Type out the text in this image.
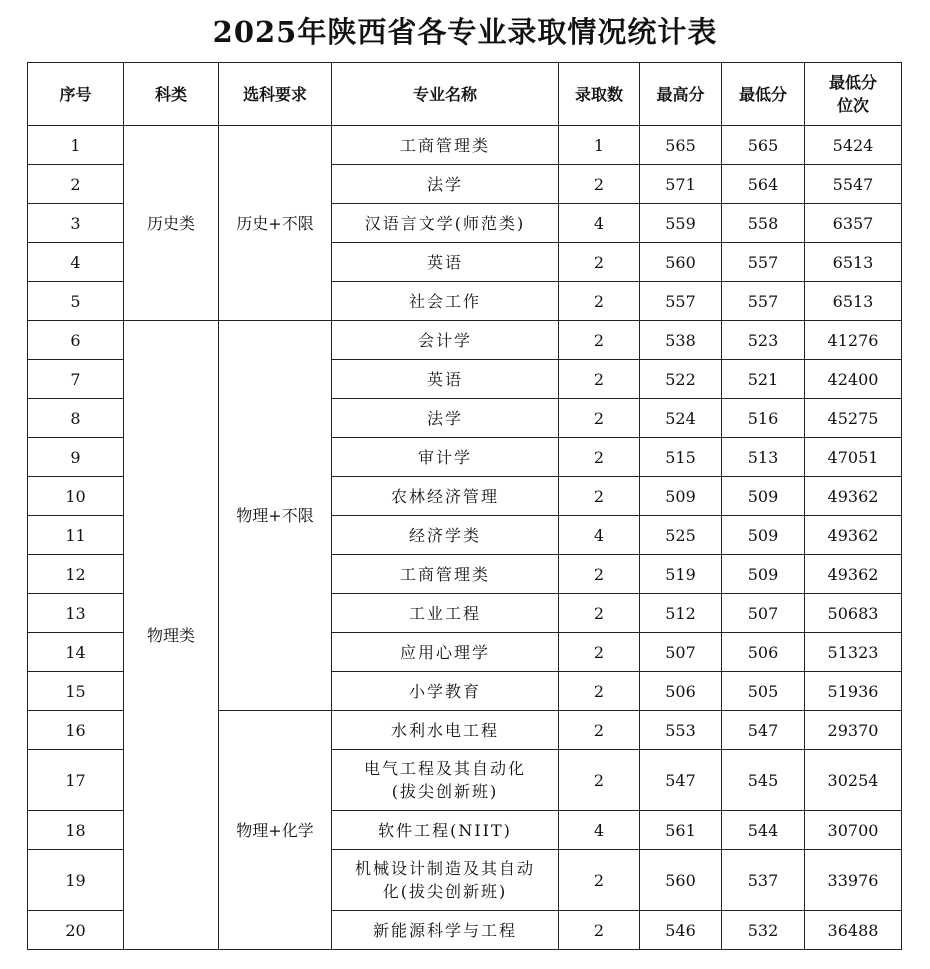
2025年陕西省各专业录取情况统计表
序号	科类	选科要求	专业名称	录取数	最高分	最低分	最低分
位次
1	历史类	历史+不限	工商管理类	1	565	565	5424
2			法学	2	571	564	5547
3			汉语言文学(师范类)	4	559	558	6357
4			英语	2	560	557	6513
5			社会工作	2	557	557	6513
6	物理类	物理+不限	会计学	2	538	523	41276
7			英语	2	522	521	42400
8			法学	2	524	516	45275
9			审计学	2	515	513	47051
10			农林经济管理	2	509	509	49362
11			经济学类	4	525	509	49362
12			工商管理类	2	519	509	49362
13			工业工程	2	512	507	50683
14			应用心理学	2	507	506	51323
15			小学教育	2	506	505	51936
16		物理+化学	水利水电工程	2	553	547	29370
17			电气工程及其自动化
(拔尖创新班)	2	547	545	30254
18			软件工程(NIIT)	4	561	544	30700
19			机械设计制造及其自动
化(拔尖创新班)	2	560	537	33976
20			新能源科学与工程	2	546	532	36488
